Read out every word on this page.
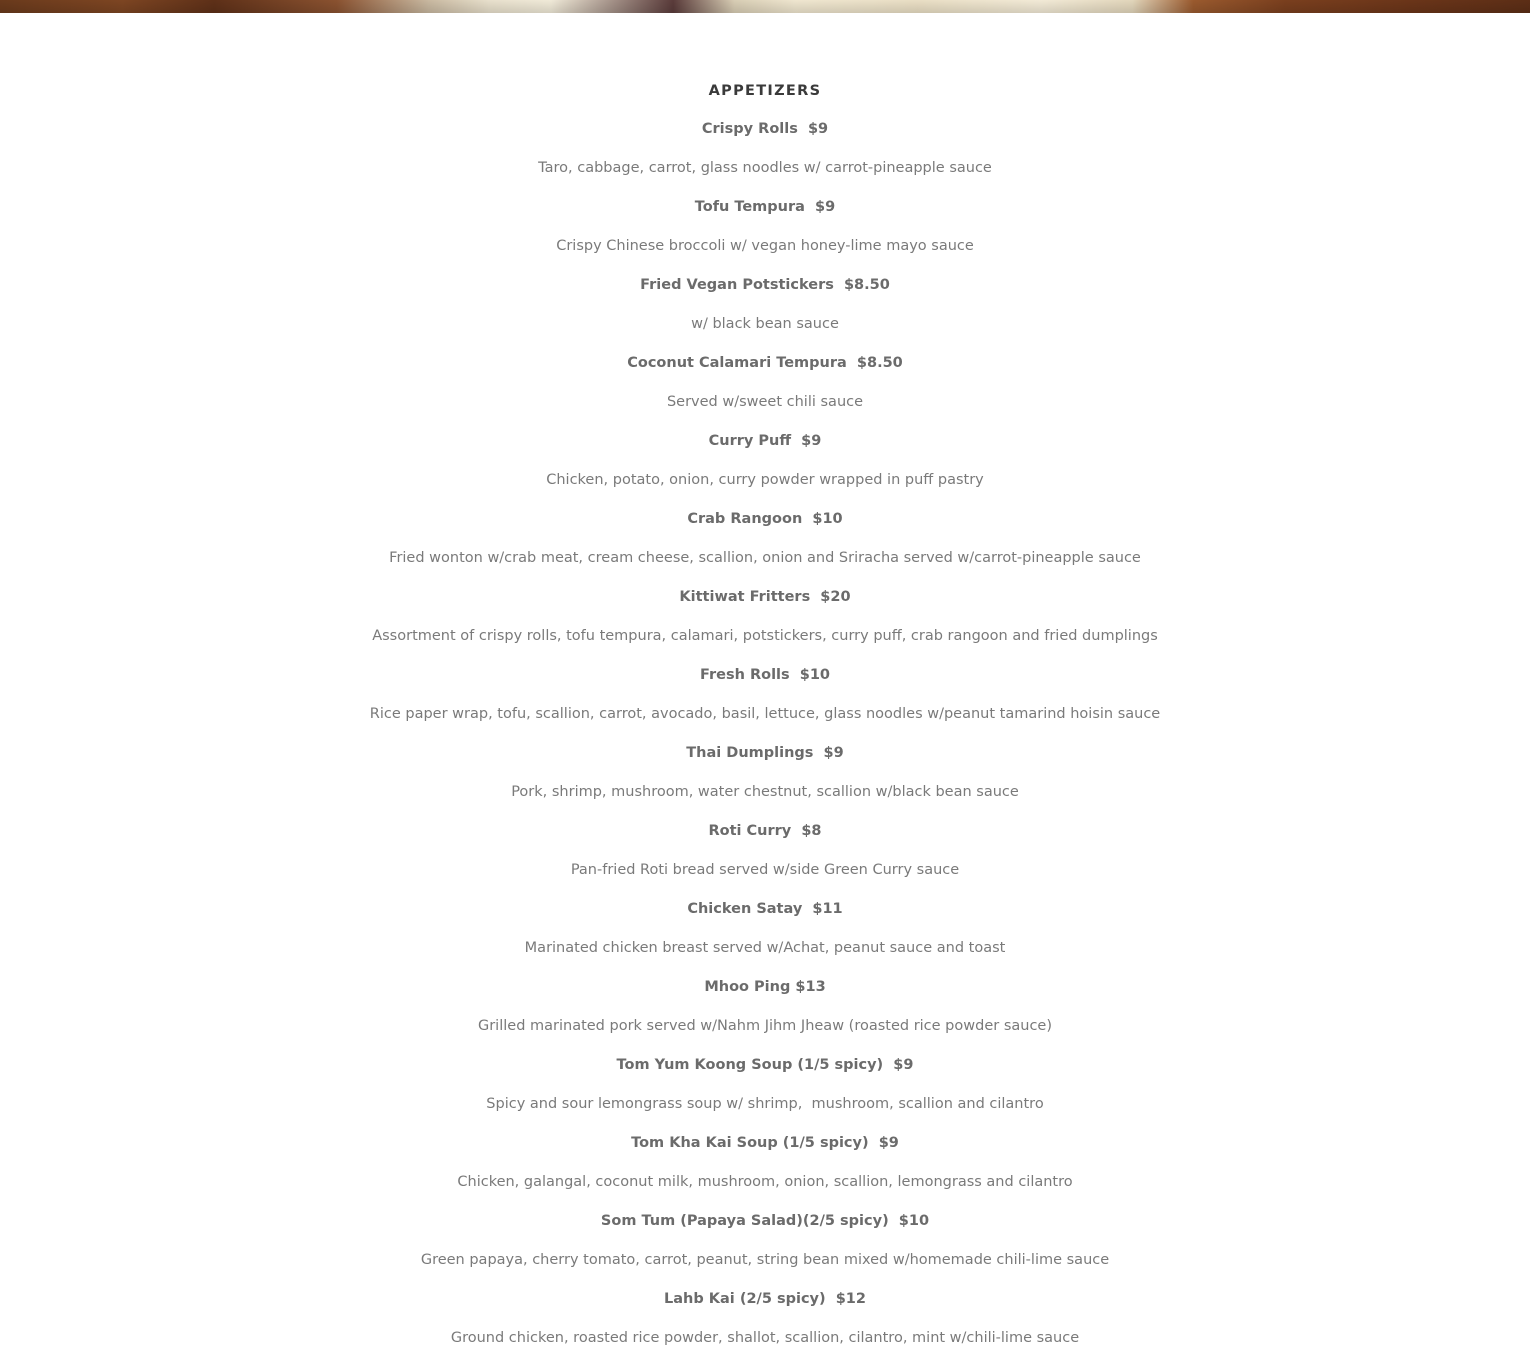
APPETIZERS
Crispy Rolls  $9
Taro, cabbage, carrot, glass noodles w/ carrot-pineapple sauce
Tofu Tempura  $9
Crispy Chinese broccoli w/ vegan honey-lime mayo sauce
Fried Vegan Potstickers  $8.50
w/ black bean sauce
Coconut Calamari Tempura  $8.50
Served w/sweet chili sauce
Curry Puff  $9
Chicken, potato, onion, curry powder wrapped in puff pastry
Crab Rangoon  $10
Fried wonton w/crab meat, cream cheese, scallion, onion and Sriracha served w/carrot-pineapple sauce
Kittiwat Fritters  $20
Assortment of crispy rolls, tofu tempura, calamari, potstickers, curry puff, crab rangoon and fried dumplings
Fresh Rolls  $10
Rice paper wrap, tofu, scallion, carrot, avocado, basil, lettuce, glass noodles w/peanut tamarind hoisin sauce
Thai Dumplings  $9
Pork, shrimp, mushroom, water chestnut, scallion w/black bean sauce
Roti Curry  $8
Pan-fried Roti bread served w/side Green Curry sauce
Chicken Satay  $11
Marinated chicken breast served w/Achat, peanut sauce and toast
Mhoo Ping $13
Grilled marinated pork served w/Nahm Jihm Jheaw (roasted rice powder sauce)
Tom Yum Koong Soup (1/5 spicy)  $9
Spicy and sour lemongrass soup w/ shrimp,  mushroom, scallion and cilantro
Tom Kha Kai Soup (1/5 spicy)  $9
Chicken, galangal, coconut milk, mushroom, onion, scallion, lemongrass and cilantro
Som Tum (Papaya Salad)(2/5 spicy)  $10
Green papaya, cherry tomato, carrot, peanut, string bean mixed w/homemade chili-lime sauce
Lahb Kai (2/5 spicy)  $12
Ground chicken, roasted rice powder, shallot, scallion, cilantro, mint w/chili-lime sauce
